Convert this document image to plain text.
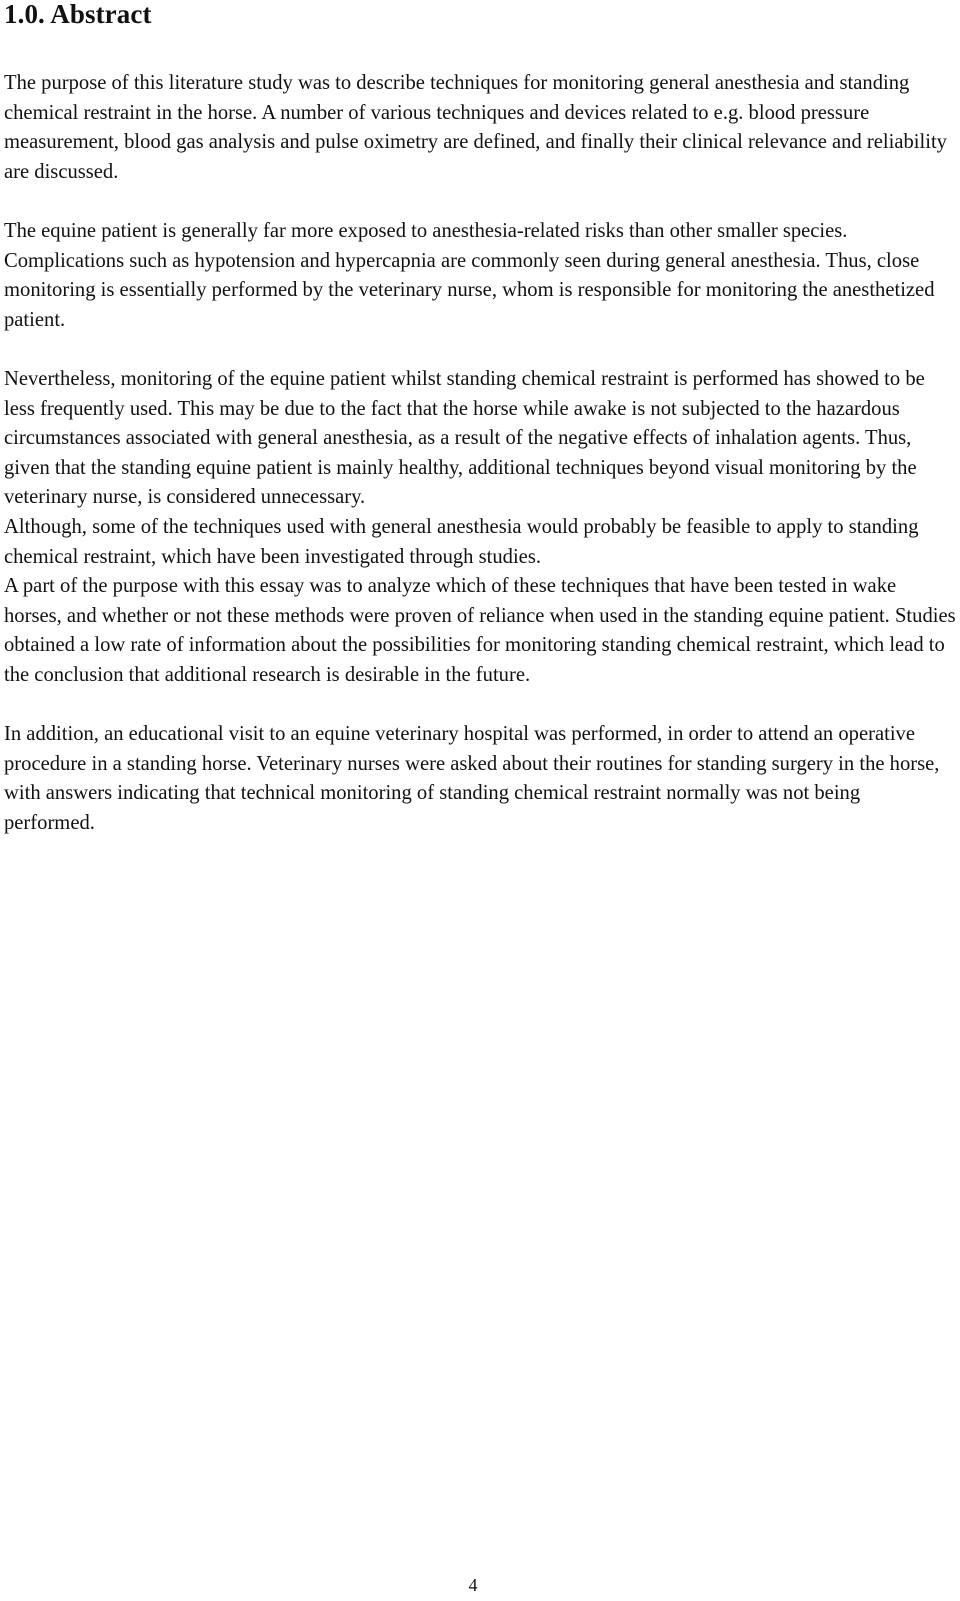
1.0. Abstract

The purpose of this literature study was to describe techniques for monitoring general anesthesia and standing chemical restraint in the horse. A number of various techniques and devices related to e.g. blood pressure measurement, blood gas analysis and pulse oximetry are defined, and finally their clinical relevance and reliability are discussed.

The equine patient is generally far more exposed to anesthesia-related risks than other smaller species. Complications such as hypotension and hypercapnia are commonly seen during general anesthesia. Thus, close monitoring is essentially performed by the veterinary nurse, whom is responsible for monitoring the anesthetized patient.

Nevertheless, monitoring of the equine patient whilst standing chemical restraint is performed has showed to be less frequently used. This may be due to the fact that the horse while awake is not subjected to the hazardous circumstances associated with general anesthesia, as a result of the negative effects of inhalation agents. Thus, given that the standing equine patient is mainly healthy, additional techniques beyond visual monitoring by the veterinary nurse, is considered unnecessary.

Although, some of the techniques used with general anesthesia would probably be feasible to apply to standing chemical restraint, which have been investigated through studies.

A part of the purpose with this essay was to analyze which of these techniques that have been tested in wake horses, and whether or not these methods were proven of reliance when used in the standing equine patient. Studies obtained a low rate of information about the possibilities for monitoring standing chemical restraint, which lead to the conclusion that additional research is desirable in the future.

In addition, an educational visit to an equine veterinary hospital was performed, in order to attend an operative procedure in a standing horse. Veterinary nurses were asked about their routines for standing surgery in the horse, with answers indicating that technical monitoring of standing chemical restraint normally was not being performed.

4
